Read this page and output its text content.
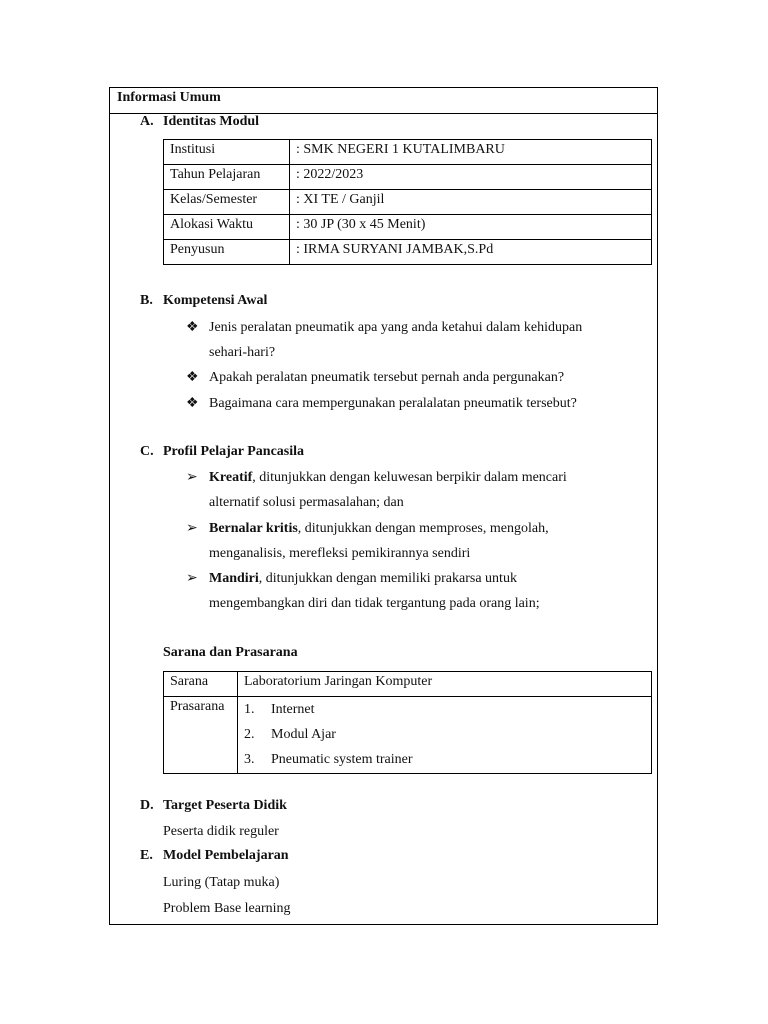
Informasi Umum
A. Identitas Modul
Institusi	: SMK NEGERI 1 KUTALIMBARU
Tahun Pelajaran	: 2022/2023
Kelas/Semester	: XI TE / Ganjil
Alokasi Waktu	: 30 JP (30 x 45 Menit)
Penyusun	: IRMA SURYANI JAMBAK,S.Pd
B. Kompetensi Awal
❖ Jenis peralatan pneumatik apa yang anda ketahui dalam kehidupan
sehari-hari?
❖ Apakah peralatan pneumatik tersebut pernah anda pergunakan?
❖ Bagaimana cara mempergunakan peralalatan pneumatik tersebut?
C. Profil Pelajar Pancasila
➢ Kreatif, ditunjukkan dengan keluwesan berpikir dalam mencari
alternatif solusi permasalahan; dan
➢ Bernalar kritis, ditunjukkan dengan memproses, mengolah,
menganalisis, merefleksi pemikirannya sendiri
➢ Mandiri, ditunjukkan dengan memiliki prakarsa untuk
mengembangkan diri dan tidak tergantung pada orang lain;
Sarana dan Prasarana
Sarana	Laboratorium Jaringan Komputer
Prasarana	1. Internet
2. Modul Ajar
3. Pneumatic system trainer
D. Target Peserta Didik
Peserta didik reguler
E. Model Pembelajaran
Luring (Tatap muka)
Problem Base learning
